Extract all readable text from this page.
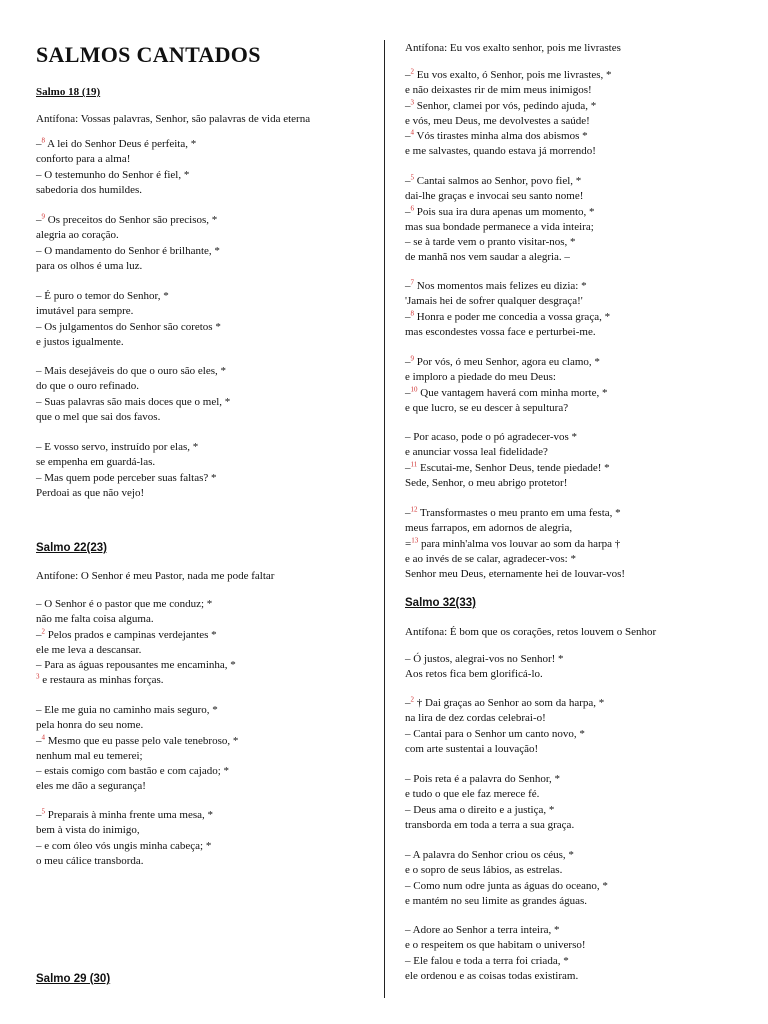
SALMOS CANTADOS
Salmo 18 (19)
Antífona: Vossas palavras, Senhor, são palavras de vida eterna
–$^8$ A lei do Senhor Deus é perfeita, *
conforto para a alma!
– O testemunho do Senhor é fiel, *
sabedoria dos humildes.
–$^9$ Os preceitos do Senhor são precisos, *
alegria ao coração.
– O mandamento do Senhor é brilhante, *
para os olhos é uma luz.
– É puro o temor do Senhor, *
imutável para sempre.
– Os julgamentos do Senhor são coretos *
e justos igualmente.
– Mais desejáveis do que o ouro são eles, *
do que o ouro refinado.
– Suas palavras são mais doces que o mel, *
que o mel que sai dos favos.
– E vosso servo, instruído por elas, *
se empenha em guardá-las.
– Mas quem pode perceber suas faltas? *
Perdoai as que não vejo!
Salmo 22(23)
Antífone: O Senhor é meu Pastor, nada me pode faltar
– O Senhor é o pastor que me conduz; *
não me falta coisa alguma.
–$^2$ Pelos prados e campinas verdejantes *
ele me leva a descansar.
– Para as águas repousantes me encaminha, *
$^3$ e restaura as minhas forças.
– Ele me guia no caminho mais seguro, *
pela honra do seu nome.
–$^4$ Mesmo que eu passe pelo vale tenebroso, *
nenhum mal eu temerei;
– estais comigo com bastão e com cajado; *
eles me dão a segurança!
–$^5$ Preparais à minha frente uma mesa, *
bem à vista do inimigo,
– e com óleo vós ungis minha cabeça; *
o meu cálice transborda.
Salmo 29 (30)
Antífona: Eu vos exalto senhor, pois me livrastes
–$^2$ Eu vos exalto, ó Senhor, pois me livrastes, *
e não deixastes rir de mim meus inimigos!
–$^3$ Senhor, clamei por vós, pedindo ajuda, *
e vós, meu Deus, me devolvestes a saúde!
–$^4$ Vós tirastes minha alma dos abismos *
e me salvastes, quando estava já morrendo!
–$^5$ Cantai salmos ao Senhor, povo fiel, *
dai-lhe graças e invocai seu santo nome!
–$^6$ Pois sua ira dura apenas um momento, *
mas sua bondade permanece a vida inteira;
– se à tarde vem o pranto visitar-nos, *
de manhã nos vem saudar a alegria. –
–$^7$ Nos momentos mais felizes eu dizia: *
'Jamais hei de sofrer qualquer desgraça!'
–$^8$ Honra e poder me concedia a vossa graça, *
mas escondestes vossa face e perturbei-me.
–$^9$ Por vós, ó meu Senhor, agora eu clamo, *
e imploro a piedade do meu Deus:
–$^{10}$ Que vantagem haverá com minha morte, *
e que lucro, se eu descer à sepultura?
– Por acaso, pode o pó agradecer-vos *
e anunciar vossa leal fidelidade?
–$^{11}$ Escutai-me, Senhor Deus, tende piedade! *
Sede, Senhor, o meu abrigo protetor!
–$^{12}$ Transformastes o meu pranto em uma festa, *
meus farrapos, em adornos de alegria,
=$^{13}$ para minh'alma vos louvar ao som da harpa †
e ao invés de se calar, agradecer-vos: *
Senhor meu Deus, eternamente hei de louvar-vos!
Salmo 32(33)
Antífona: É bom que os corações, retos louvem o Senhor
– Ó justos, alegrai-vos no Senhor! *
Aos retos fica bem glorificá-lo.
–$^2$ † Dai graças ao Senhor ao som da harpa, *
na lira de dez cordas celebrai-o!
– Cantai para o Senhor um canto novo, *
com arte sustentai a louvação!
– Pois reta é a palavra do Senhor, *
e tudo o que ele faz merece fé.
– Deus ama o direito e a justiça, *
transborda em toda a terra a sua graça.
– A palavra do Senhor criou os céus, *
e o sopro de seus lábios, as estrelas.
– Como num odre junta as águas do oceano, *
e mantém no seu limite as grandes águas.
– Adore ao Senhor a terra inteira, *
e o respeitem os que habitam o universo!
– Ele falou e toda a terra foi criada, *
ele ordenou e as coisas todas existiram.
